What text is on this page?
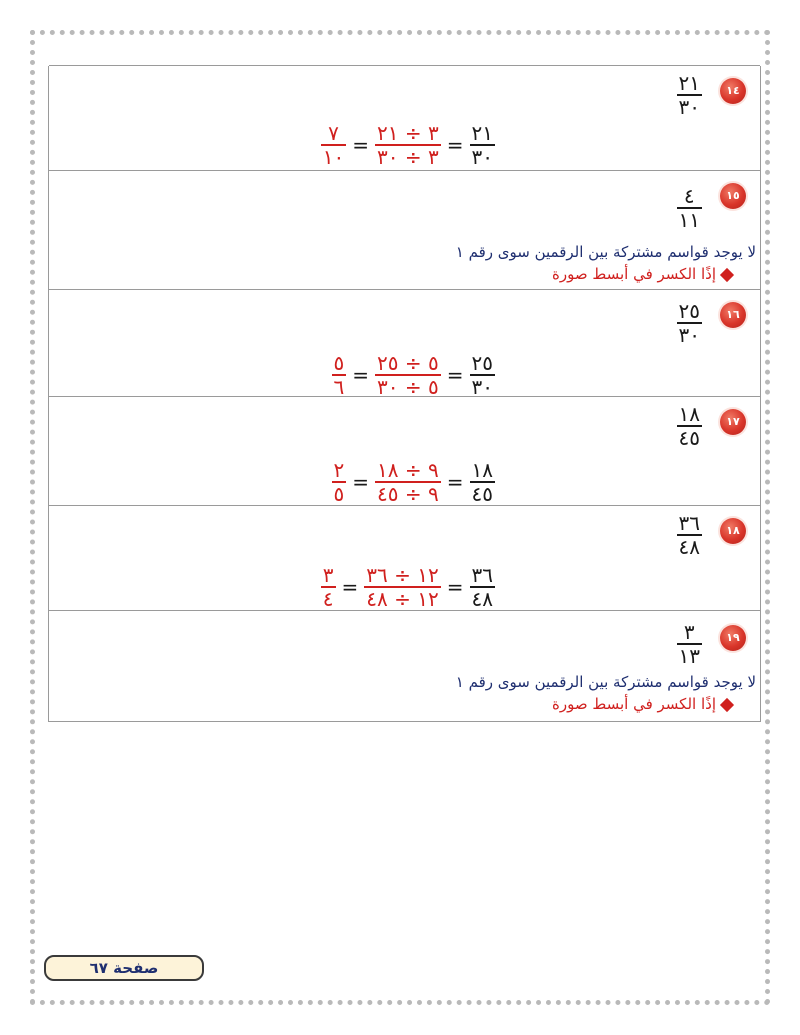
١٤
٢١
٣٠
$\frac{٧}{١٠} = \frac{٣ \div ٢١}{٣ \div ٣٠} = \frac{٢١}{٣٠}$
١٥
٤
١١
لا يوجد قواسم مشتركة بين الرقمين سوى رقم ١
إذًا الكسر في أبسط صورة
١٦
٢٥
٣٠
$\frac{٥}{٦} = \frac{٥ \div ٢٥}{٥ \div ٣٠} = \frac{٢٥}{٣٠}$
١٧
١٨
٤٥
$\frac{٢}{٥} = \frac{٩ \div ١٨}{٩ \div ٤٥} = \frac{١٨}{٤٥}$
١٨
٣٦
٤٨
$\frac{٣}{٤} = \frac{١٢ \div ٣٦}{١٢ \div ٤٨} = \frac{٣٦}{٤٨}$
١٩
٣
١٣
لا يوجد قواسم مشتركة بين الرقمين سوى رقم ١
إذًا الكسر في أبسط صورة
صفحة ٦٧
